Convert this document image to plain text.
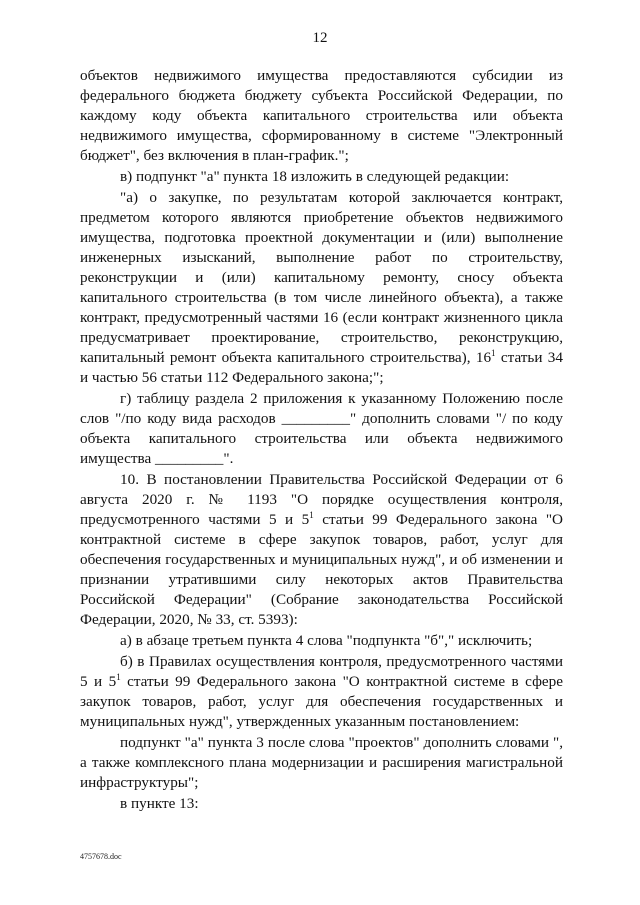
12
объектов недвижимого имущества предоставляются субсидии из федерального бюджета бюджету субъекта Российской Федерации, по каждому коду объекта капитального строительства или объекта недвижимого имущества, сформированному в системе "Электронный бюджет", без включения в план-график.";
в) подпункт "а" пункта 18 изложить в следующей редакции:
"а) о закупке, по результатам которой заключается контракт, предметом которого являются приобретение объектов недвижимого имущества, подготовка проектной документации и (или) выполнение инженерных изысканий, выполнение работ по строительству, реконструкции и (или) капитальному ремонту, сносу объекта капитального строительства (в том числе линейного объекта), а также контракт, предусмотренный частями 16 (если контракт жизненного цикла предусматривает проектирование, строительство, реконструкцию, капитальный ремонт объекта капитального строительства), $16^1$ статьи 34 и частью 56 статьи 112 Федерального закона;";
г) таблицу раздела 2 приложения к указанному Положению после слов "/по коду вида расходов _________" дополнить словами "/ по коду объекта капитального строительства или объекта недвижимого имущества _________".
10. В постановлении Правительства Российской Федерации от 6 августа 2020 г. № 1193 "О порядке осуществления контроля, предусмотренного частями 5 и $5^1$ статьи 99 Федерального закона "О контрактной системе в сфере закупок товаров, работ, услуг для обеспечения государственных и муниципальных нужд", и об изменении и признании утратившими силу некоторых актов Правительства Российской Федерации" (Собрание законодательства Российской Федерации, 2020, № 33, ст. 5393):
а) в абзаце третьем пункта 4 слова "подпункта "б"," исключить;
б) в Правилах осуществления контроля, предусмотренного частями 5 и $5^1$ статьи 99 Федерального закона "О контрактной системе в сфере закупок товаров, работ, услуг для обеспечения государственных и муниципальных нужд", утвержденных указанным постановлением:
подпункт "а" пункта 3 после слова "проектов" дополнить словами ", а также комплексного плана модернизации и расширения магистральной инфраструктуры";
в пункте 13:
4757678.doc
